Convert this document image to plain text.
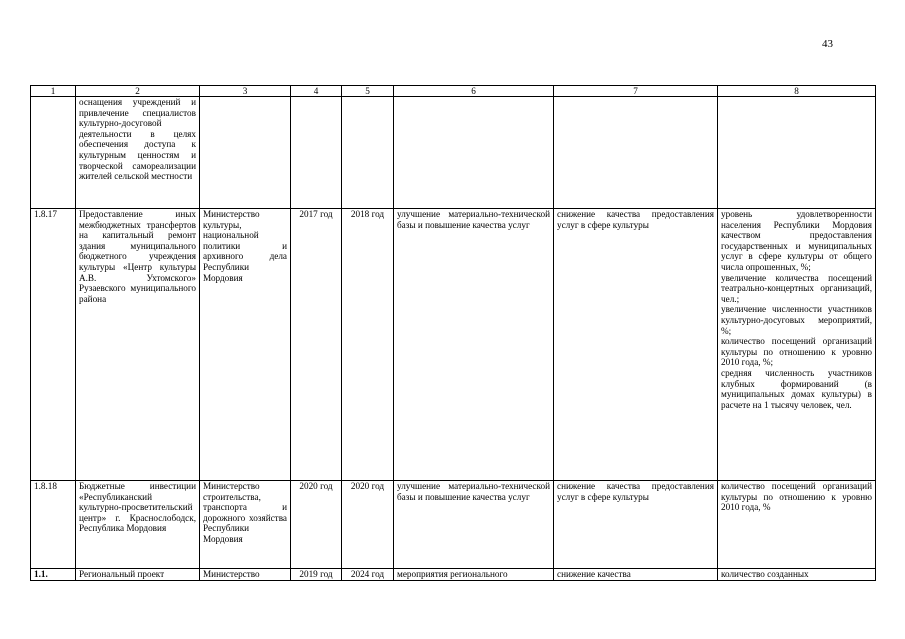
43
1	2	3	4	5	6	7	8
	оснащения учреждений и привлечение специалистов культурно-досуговой деятельности в целях обеспечения доступа к культурным ценностям и творческой самореализации жителей сельской местности						
1.8.17	Предоставление иных межбюджетных трансфертов на капитальный ремонт здания муниципального бюджетного учреждения культуры «Центр культуры А.В. Ухтомского» Рузаевского муниципального района	Министерство культуры, национальной политики и архивного дела Республики Мордовия	2017 год	2018 год	улучшение материально-технической базы и повышение качества услуг	снижение качества предоставления услуг в сфере культуры	уровень удовлетворенности населения Республики Мордовия качеством предоставления государственных и муниципальных услуг в сфере культуры от общего числа опрошенных, %;

увеличение количества посещений театрально-концертных организаций, чел.;

увеличение численности участников культурно-досуговых мероприятий, %;

количество посещений организаций культуры по отношению к уровню 2010 года, %;

средняя численность участников клубных формирований (в муниципальных домах культуры) в расчете на 1 тысячу человек, чел.

1.8.18	Бюджетные инвестиции «Республиканский культурно-просветительский центр» г. Краснослободск, Республика Мордовия	Министерство строительства, транспорта и дорожного хозяйства Республики Мордовия	2020 год	2020 год	улучшение материально-технической базы и повышение качества услуг	снижение качества предоставления услуг в сфере культуры	количество посещений организаций культуры по отношению к уровню 2010 года, %

1.1.	Региональный проект	Министерство	2019 год	2024 год	мероприятия регионального	снижение качества	количество созданных
